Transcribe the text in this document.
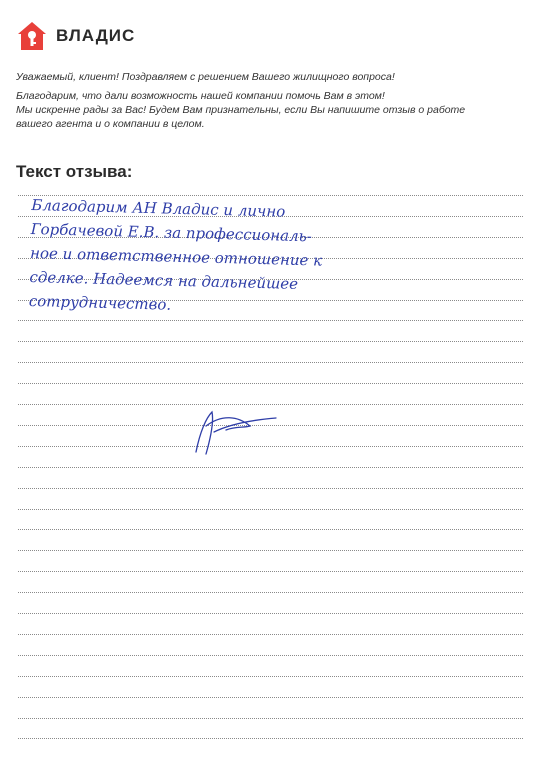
ВЛАДИС

Уважаемый, клиент! Поздравляем с решением Вашего жилищного вопроса!

Благодарим, что дали возможность нашей компании помочь Вам в этом!

Мы искренне рады за Вас! Будем Вам признательны, если Вы напишите отзыв о работе

вашего агента и о компании в целом.

Текст отзыва:
Благодарим АН Владис и лично
Горбачевой Е.В. за профессиональ-
ное и ответственное отношение к
сделке. Надеемся на дальнейшее
сотрудничество.
